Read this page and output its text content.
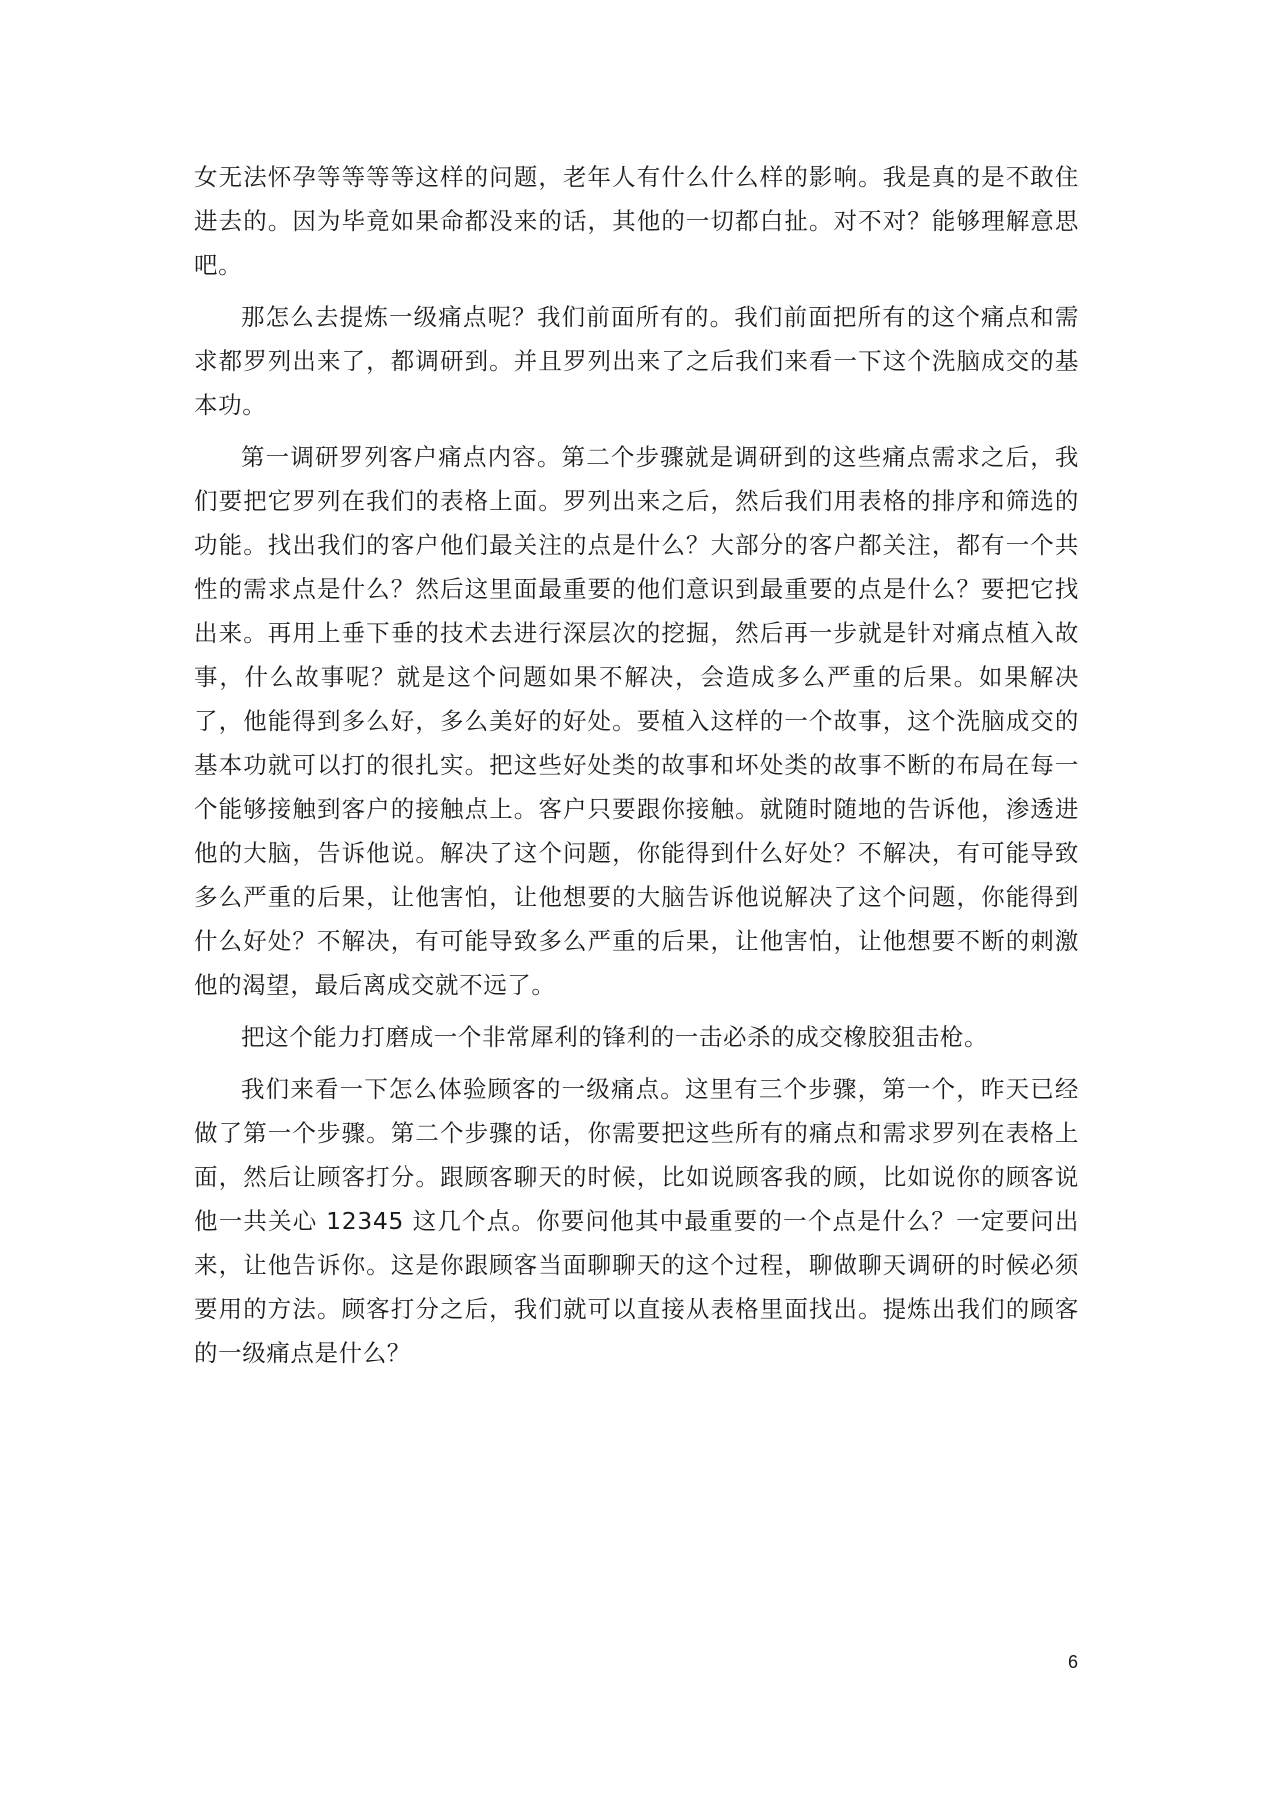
女无法怀孕等等等等这样的问题，老年人有什么什么样的影响。我是真的是不敢住进去的。因为毕竟如果命都没来的话，其他的一切都白扯。对不对？能够理解意思吧。

那怎么去提炼一级痛点呢？我们前面所有的。我们前面把所有的这个痛点和需求都罗列出来了，都调研到。并且罗列出来了之后我们来看一下这个洗脑成交的基本功。

第一调研罗列客户痛点内容。第二个步骤就是调研到的这些痛点需求之后，我们要把它罗列在我们的表格上面。罗列出来之后，然后我们用表格的排序和筛选的功能。找出我们的客户他们最关注的点是什么？大部分的客户都关注，都有一个共性的需求点是什么？然后这里面最重要的他们意识到最重要的点是什么？要把它找出来。再用上垂下垂的技术去进行深层次的挖掘，然后再一步就是针对痛点植入故事，什么故事呢？就是这个问题如果不解决，会造成多么严重的后果。如果解决了，他能得到多么好，多么美好的好处。要植入这样的一个故事，这个洗脑成交的基本功就可以打的很扎实。把这些好处类的故事和坏处类的故事不断的布局在每一个能够接触到客户的接触点上。客户只要跟你接触。就随时随地的告诉他，渗透进他的大脑，告诉他说。解决了这个问题，你能得到什么好处？不解决，有可能导致多么严重的后果，让他害怕，让他想要的大脑告诉他说解决了这个问题，你能得到什么好处？不解决，有可能导致多么严重的后果，让他害怕，让他想要不断的刺激他的渴望，最后离成交就不远了。

把这个能力打磨成一个非常犀利的锋利的一击必杀的成交橡胶狙击枪。

我们来看一下怎么体验顾客的一级痛点。这里有三个步骤，第一个，昨天已经做了第一个步骤。第二个步骤的话，你需要把这些所有的痛点和需求罗列在表格上面，然后让顾客打分。跟顾客聊天的时候，比如说顾客我的顾，比如说你的顾客说他一共关心 12345 这几个点。你要问他其中最重要的一个点是什么？一定要问出来，让他告诉你。这是你跟顾客当面聊聊天的这个过程，聊做聊天调研的时候必须要用的方法。顾客打分之后，我们就可以直接从表格里面找出。提炼出我们的顾客的一级痛点是什么？

6
